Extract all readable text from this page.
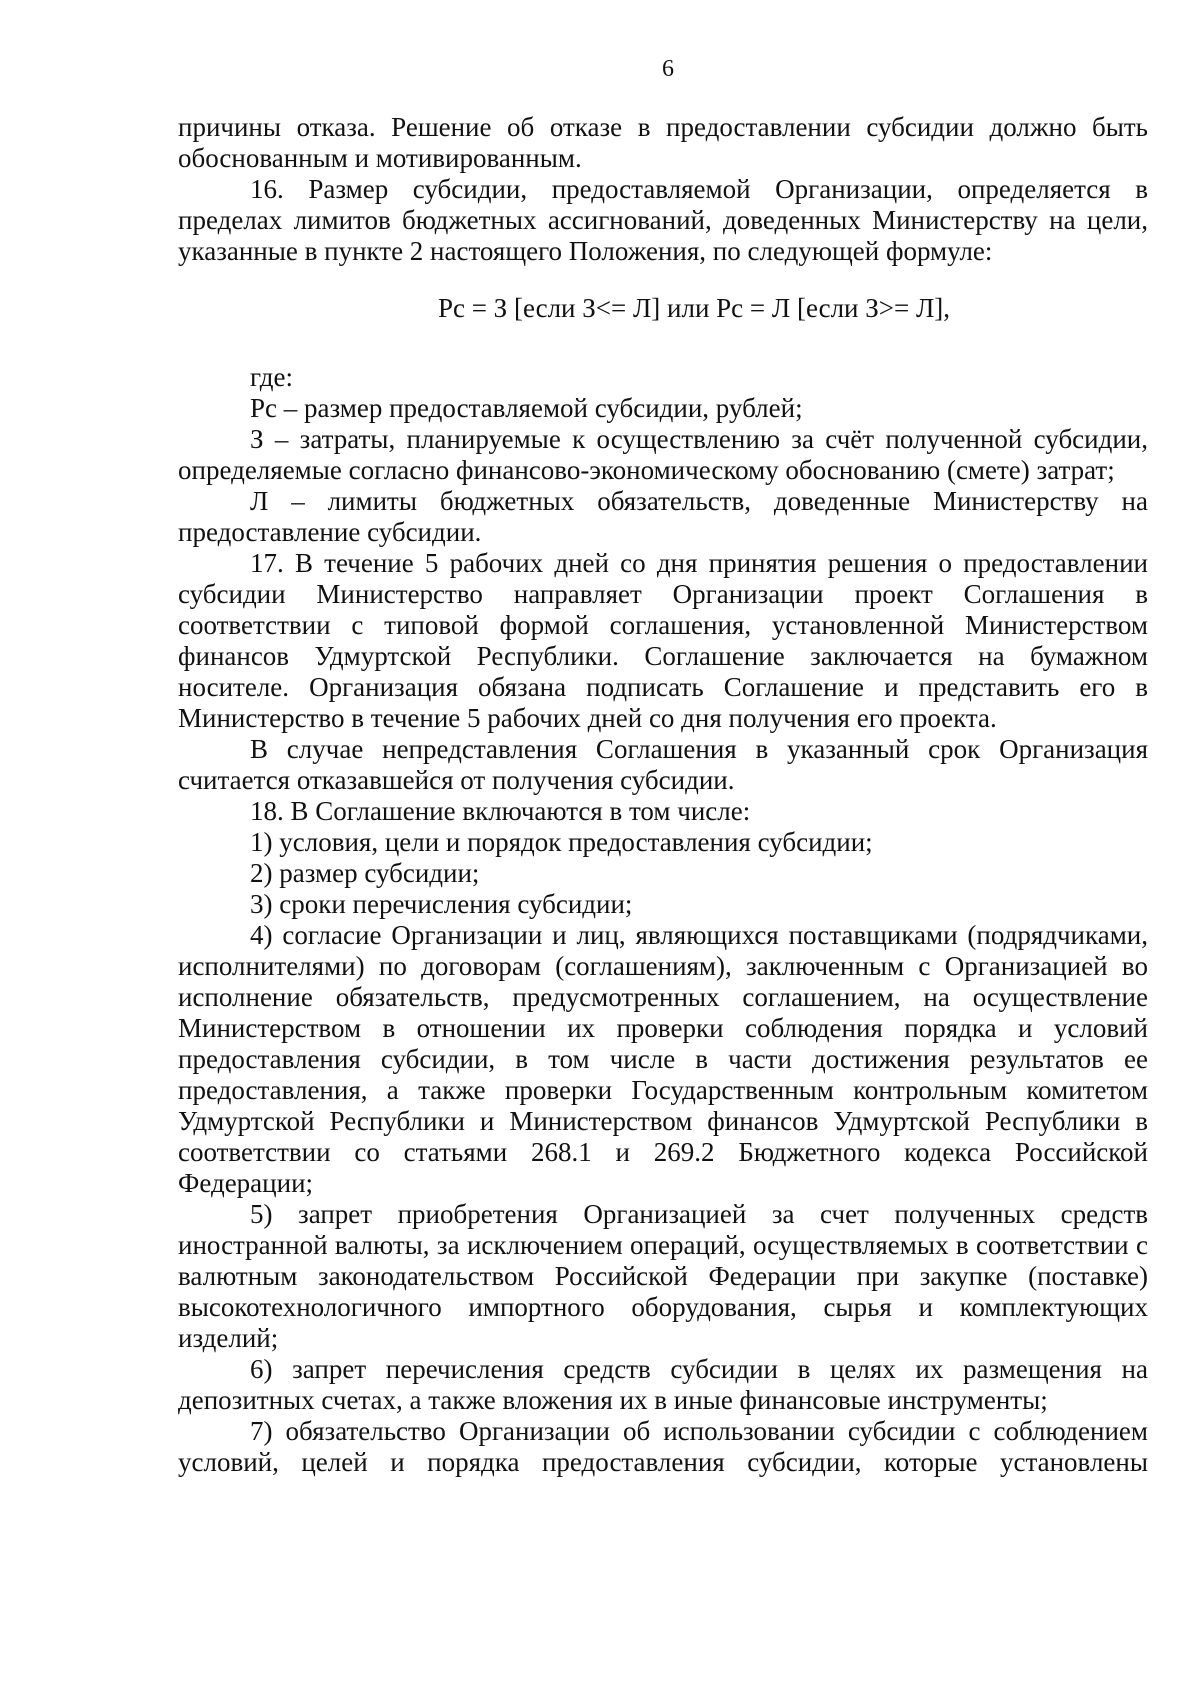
6

причины отказа. Решение об отказе в предоставлении субсидии должно быть обоснованным и мотивированным.

16. Размер субсидии, предоставляемой Организации, определяется в пределах лимитов бюджетных ассигнований, доведенных Министерству на цели, указанные в пункте 2 настоящего Положения, по следующей формуле:

Рс = З [если З<= Л] или Рс = Л [если З>= Л],

где:

Рс – размер предоставляемой субсидии, рублей;

З – затраты, планируемые к осуществлению за счёт полученной субсидии, определяемые согласно финансово-экономическому обоснованию (смете) затрат;

Л – лимиты бюджетных обязательств, доведенные Министерству на предоставление субсидии.

17. В течение 5 рабочих дней со дня принятия решения о предоставлении субсидии Министерство направляет Организации проект Соглашения в соответствии с типовой формой соглашения, установленной Министерством финансов Удмуртской Республики. Соглашение заключается на бумажном носителе. Организация обязана подписать Соглашение и представить его в Министерство в течение 5 рабочих дней со дня получения его проекта.

В случае непредставления Соглашения в указанный срок Организация считается отказавшейся от получения субсидии.

18. В Соглашение включаются в том числе:

1) условия, цели и порядок предоставления субсидии;

2) размер субсидии;

3) сроки перечисления субсидии;

4) согласие Организации и лиц, являющихся поставщиками (подрядчиками, исполнителями) по договорам (соглашениям), заключенным с Организацией во исполнение обязательств, предусмотренных соглашением, на осуществление Министерством в отношении их проверки соблюдения порядка и условий предоставления субсидии, в том числе в части достижения результатов ее предоставления, а также проверки Государственным контрольным комитетом Удмуртской Республики и Министерством финансов Удмуртской Республики в соответствии со статьями 268.1 и 269.2 Бюджетного кодекса Российской Федерации;

5) запрет приобретения Организацией за счет полученных средств иностранной валюты, за исключением операций, осуществляемых в соответствии с валютным законодательством Российской Федерации при закупке (поставке) высокотехнологичного импортного оборудования, сырья и комплектующих изделий;

6) запрет перечисления средств субсидии в целях их размещения на депозитных счетах, а также вложения их в иные финансовые инструменты;

7) обязательство Организации об использовании субсидии с соблюдением условий, целей и порядка предоставления субсидии, которые установлены
